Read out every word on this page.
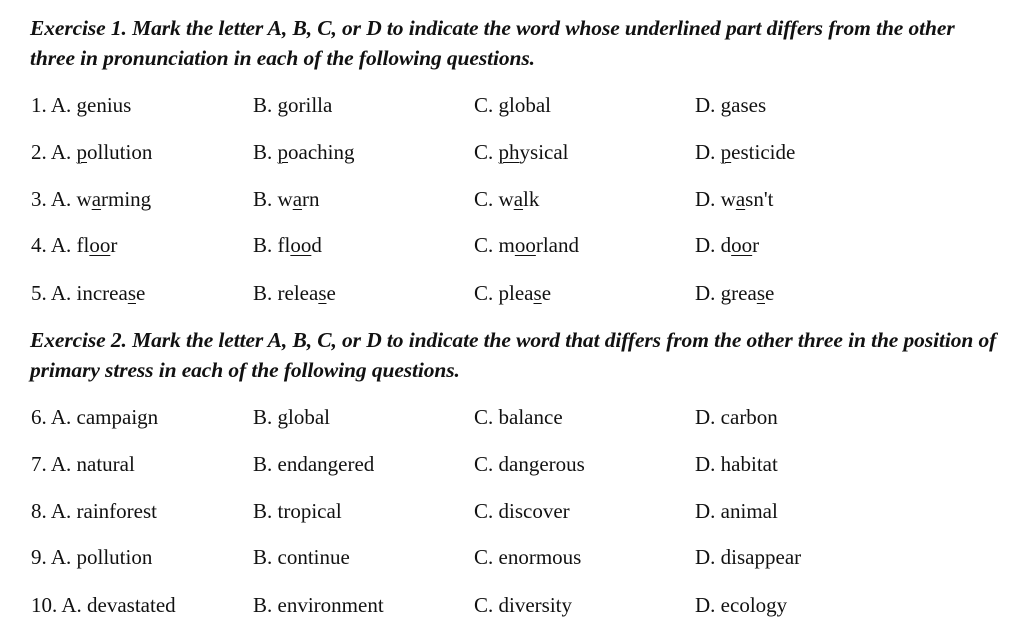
Exercise 1. Mark the letter A, B, C, or D to indicate the word whose underlined part differs from the other three in pronunciation in each of the following questions.
1. A. genius	B. gorilla	C. global	D. gases
2. A. pollution	B. poaching	C. physical	D. pesticide
3. A. warming	B. warn	C. walk	D. wasn't
4. A. floor	B. flood	C. moorland	D. door
5. A. increase	B. release	C. please	D. grease
Exercise 2. Mark the letter A, B, C, or D to indicate the word that differs from the other three in the position of primary stress in each of the following questions.
6. A. campaign	B. global	C. balance	D. carbon
7. A. natural	B. endangered	C. dangerous	D. habitat
8. A. rainforest	B. tropical	C. discover	D. animal
9. A. pollution	B. continue	C. enormous	D. disappear
10. A. devastated	B. environment	C. diversity	D. ecology
